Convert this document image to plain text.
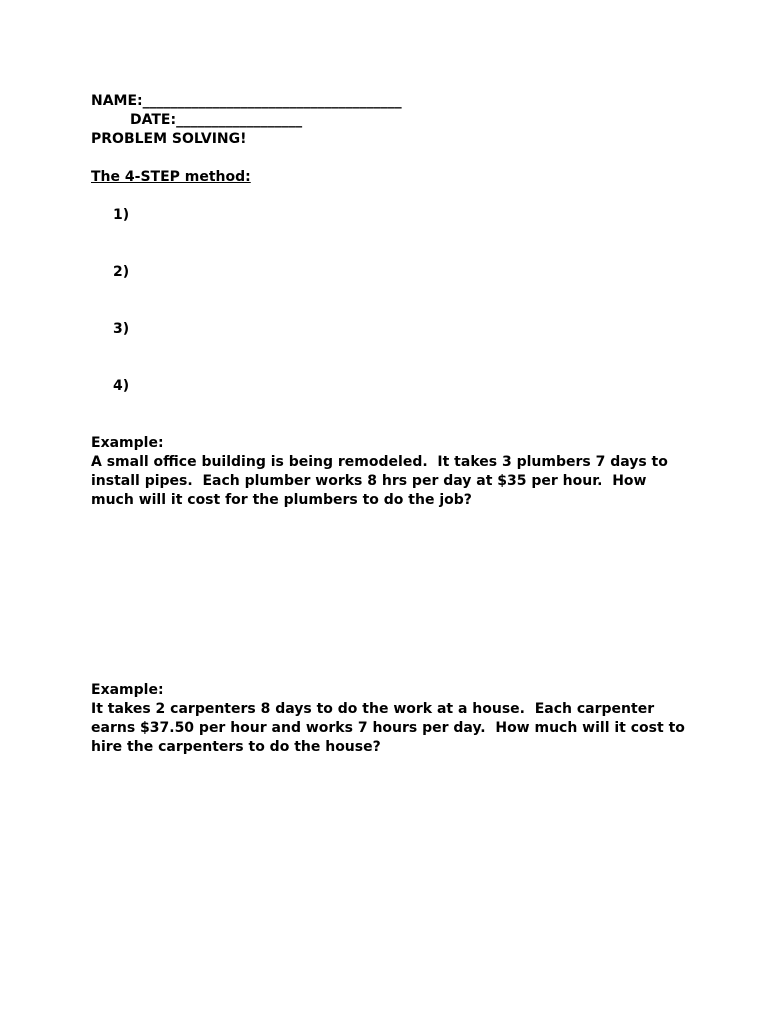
NAME:_____________________________________
DATE:__________________
PROBLEM SOLVING!
The 4-STEP method:
1)
2)
3)
4)
Example:
A small office building is being remodeled.  It takes 3 plumbers 7 days to
install pipes.  Each plumber works 8 hrs per day at $35 per hour.  How
much will it cost for the plumbers to do the job?
Example:
It takes 2 carpenters 8 days to do the work at a house.  Each carpenter
earns $37.50 per hour and works 7 hours per day.  How much will it cost to
hire the carpenters to do the house?
